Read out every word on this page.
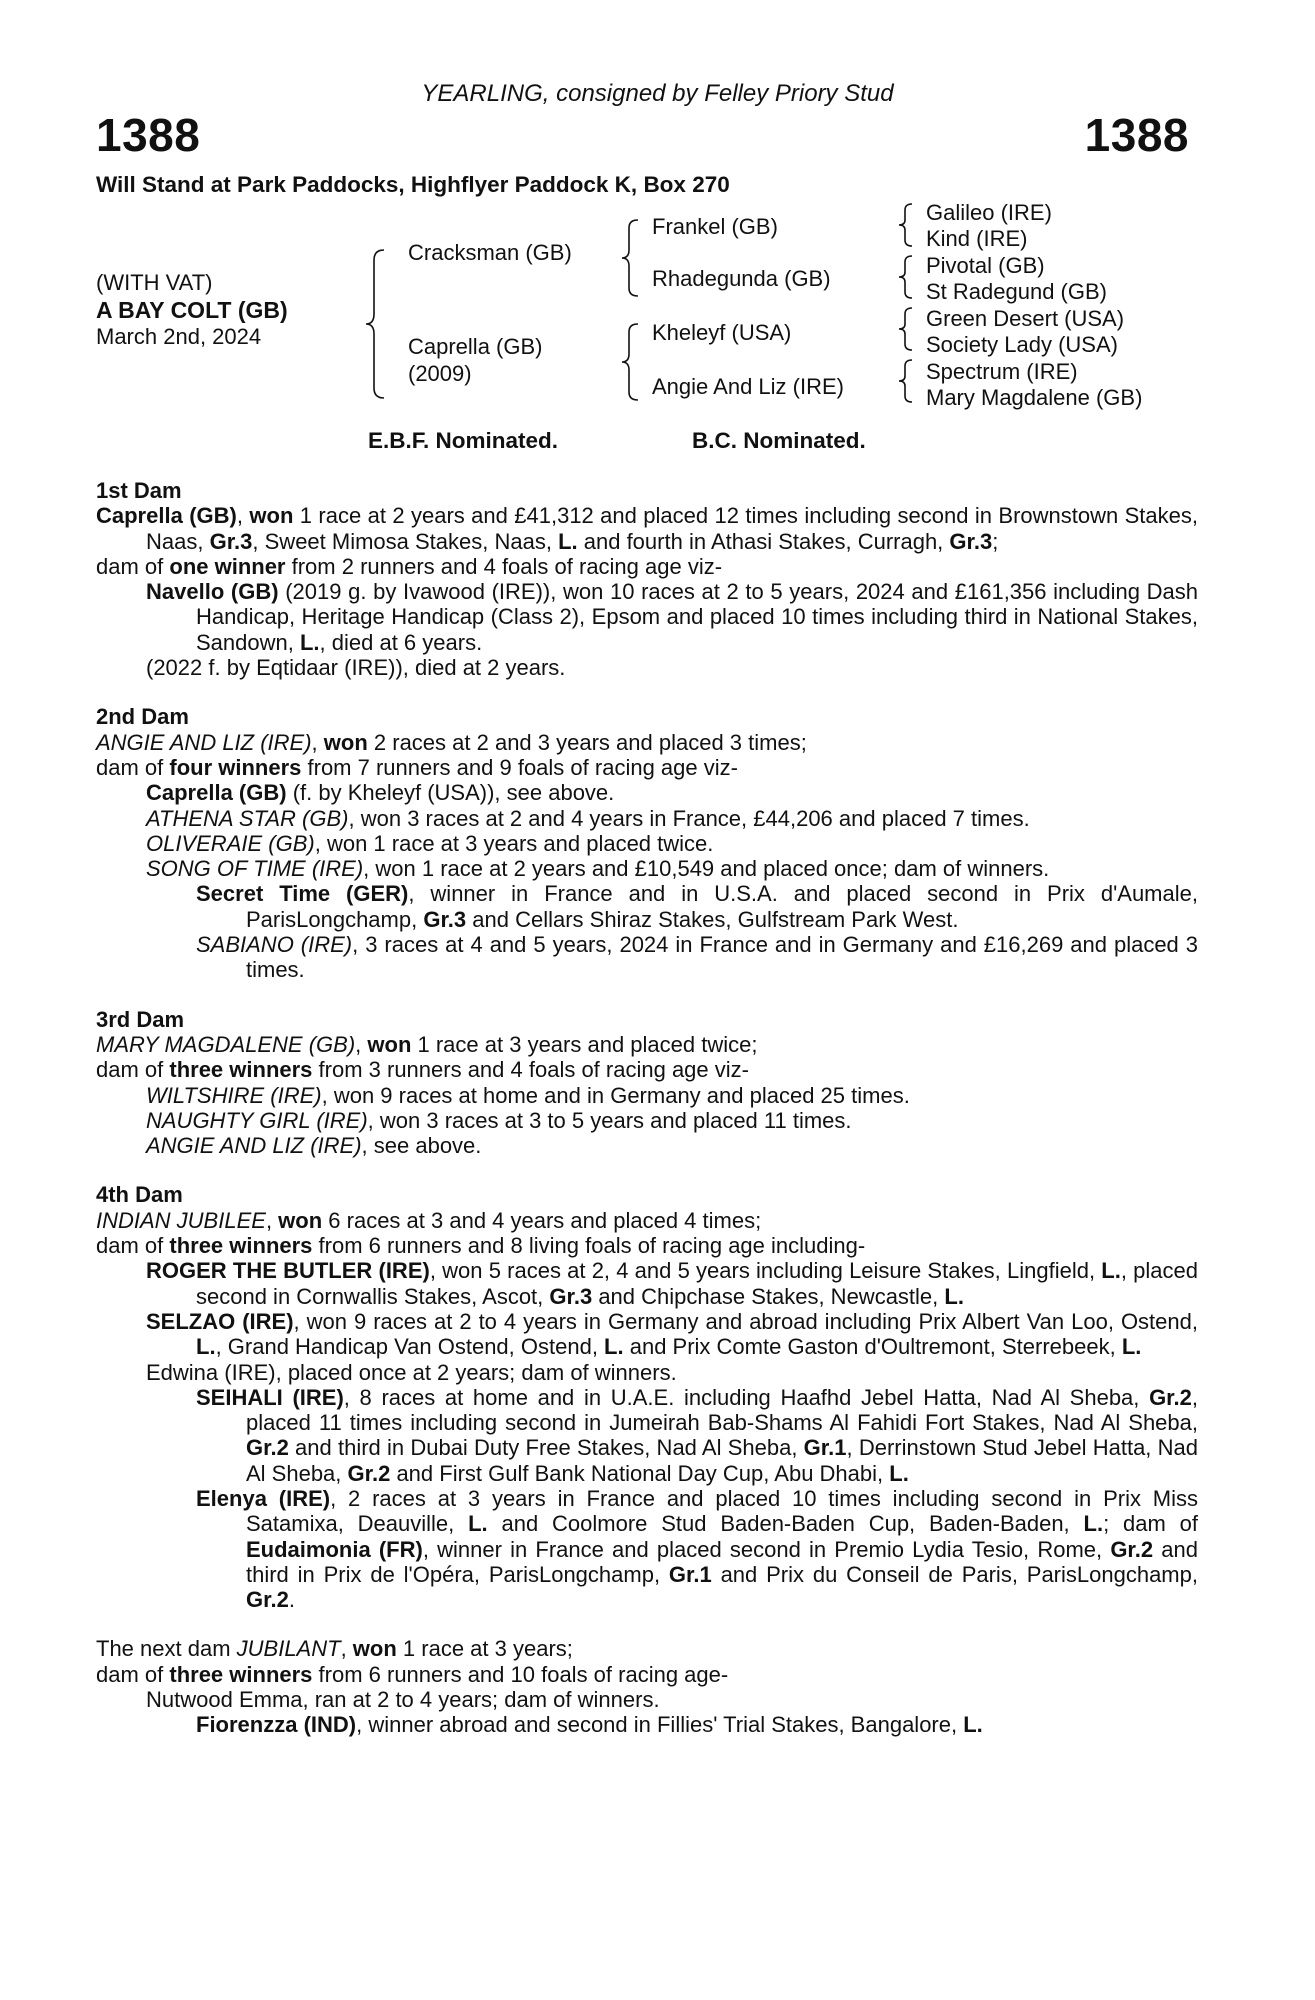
YEARLING, consigned by Felley Priory Stud
1388	1388
Will Stand at Park Paddocks, Highflyer Paddock K, Box 270
(WITH VAT)
A BAY COLT (GB)
March 2nd, 2024
Cracksman (GB)
Caprella (GB)
(2009)
Frankel (GB)
Rhadegunda (GB)
Kheleyf (USA)
Angie And Liz (IRE)
Galileo (IRE)
Kind (IRE)
Pivotal (GB)
St Radegund (GB)
Green Desert (USA)
Society Lady (USA)
Spectrum (IRE)
Mary Magdalene (GB)
E.B.F. Nominated.	B.C. Nominated.

1st Dam

Caprella (GB), won 1 race at 2 years and £41,312 and placed 12 times including second in Brownstown Stakes, Naas, Gr.3, Sweet Mimosa Stakes, Naas, L. and fourth in Athasi Stakes, Curragh, Gr.3;

dam of one winner from 2 runners and 4 foals of racing age viz-

Navello (GB) (2019 g. by Ivawood (IRE)), won 10 races at 2 to 5 years, 2024 and £161,356 including Dash Handicap, Heritage Handicap (Class 2), Epsom and placed 10 times including third in National Stakes, Sandown, L., died at 6 years.

(2022 f. by Eqtidaar (IRE)), died at 2 years.

2nd Dam

ANGIE AND LIZ (IRE), won 2 races at 2 and 3 years and placed 3 times;

dam of four winners from 7 runners and 9 foals of racing age viz-

Caprella (GB) (f. by Kheleyf (USA)), see above.

ATHENA STAR (GB), won 3 races at 2 and 4 years in France, £44,206 and placed 7 times.

OLIVERAIE (GB), won 1 race at 3 years and placed twice.

SONG OF TIME (IRE), won 1 race at 2 years and £10,549 and placed once; dam of winners.

Secret Time (GER), winner in France and in U.S.A. and placed second in Prix d'Aumale, ParisLongchamp, Gr.3 and Cellars Shiraz Stakes, Gulfstream Park West.

SABIANO (IRE), 3 races at 4 and 5 years, 2024 in France and in Germany and £16,269 and placed 3 times.

3rd Dam

MARY MAGDALENE (GB), won 1 race at 3 years and placed twice;

dam of three winners from 3 runners and 4 foals of racing age viz-

WILTSHIRE (IRE), won 9 races at home and in Germany and placed 25 times.

NAUGHTY GIRL (IRE), won 3 races at 3 to 5 years and placed 11 times.

ANGIE AND LIZ (IRE), see above.

4th Dam

INDIAN JUBILEE, won 6 races at 3 and 4 years and placed 4 times;

dam of three winners from 6 runners and 8 living foals of racing age including-

ROGER THE BUTLER (IRE), won 5 races at 2, 4 and 5 years including Leisure Stakes, Lingfield, L., placed second in Cornwallis Stakes, Ascot, Gr.3 and Chipchase Stakes, Newcastle, L.

SELZAO (IRE), won 9 races at 2 to 4 years in Germany and abroad including Prix Albert Van Loo, Ostend, L., Grand Handicap Van Ostend, Ostend, L. and Prix Comte Gaston d'Oultremont, Sterrebeek, L.

Edwina (IRE), placed once at 2 years; dam of winners.

SEIHALI (IRE), 8 races at home and in U.A.E. including Haafhd Jebel Hatta, Nad Al Sheba, Gr.2, placed 11 times including second in Jumeirah Bab-Shams Al Fahidi Fort Stakes, Nad Al Sheba, Gr.2 and third in Dubai Duty Free Stakes, Nad Al Sheba, Gr.1, Derrinstown Stud Jebel Hatta, Nad Al Sheba, Gr.2 and First Gulf Bank National Day Cup, Abu Dhabi, L.

Elenya (IRE), 2 races at 3 years in France and placed 10 times including second in Prix Miss Satamixa, Deauville, L. and Coolmore Stud Baden-Baden Cup, Baden-Baden, L.; dam of Eudaimonia (FR), winner in France and placed second in Premio Lydia Tesio, Rome, Gr.2 and third in Prix de l'Opéra, ParisLongchamp, Gr.1 and Prix du Conseil de Paris, ParisLongchamp, Gr.2.

The next dam JUBILANT, won 1 race at 3 years;

dam of three winners from 6 runners and 10 foals of racing age-

Nutwood Emma, ran at 2 to 4 years; dam of winners.

Fiorenzza (IND), winner abroad and second in Fillies' Trial Stakes, Bangalore, L.
